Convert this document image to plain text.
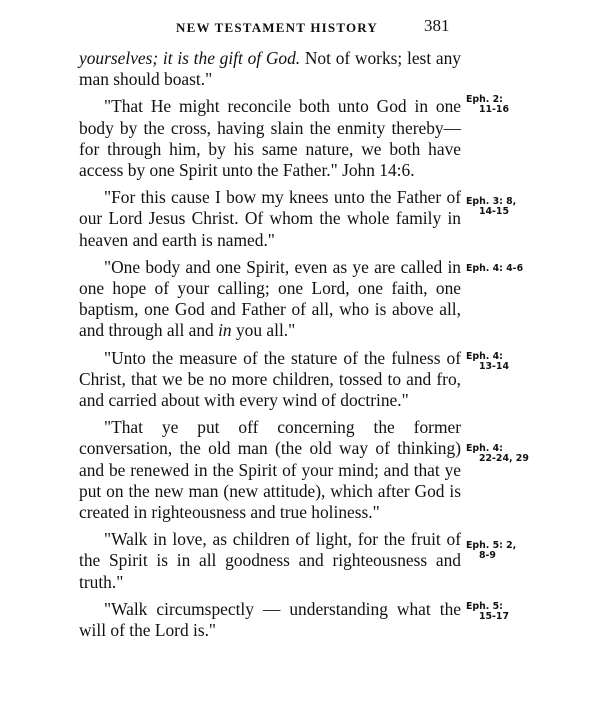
NEW TESTAMENT HISTORY	381

yourselves; it is the gift of God. Not of works; lest any man should boast."

"That He might reconcile both unto God in one body by the cross, having slain the enmity thereby—for through him, by his same nature, we both have access by one Spirit unto the Father." John 14:6.

"For this cause I bow my knees unto the Father of our Lord Jesus Christ. Of whom the whole family in heaven and earth is named."

"One body and one Spirit, even as ye are called in one hope of your calling; one Lord, one faith, one baptism, one God and Father of all, who is above all, and through all and in you all."

"Unto the measure of the stature of the fulness of Christ, that we be no more children, tossed to and fro, and carried about with every wind of doctrine."

"That ye put off concerning the former conversation, the old man (the old way of thinking) and be renewed in the Spirit of your mind; and that ye put on the new man (new attitude), which after God is created in righteousness and true holiness."

"Walk in love, as children of light, for the fruit of the Spirit is in all goodness and righteousness and truth."

"Walk circumspectly — understanding what the will of the Lord is."

Eph. 2:
11-16
Eph. 3: 8,
14-15
Eph. 4: 4-6
Eph. 4:
13-14
Eph. 4:
22-24, 29
Eph. 5: 2,
8-9
Eph. 5:
15-17
